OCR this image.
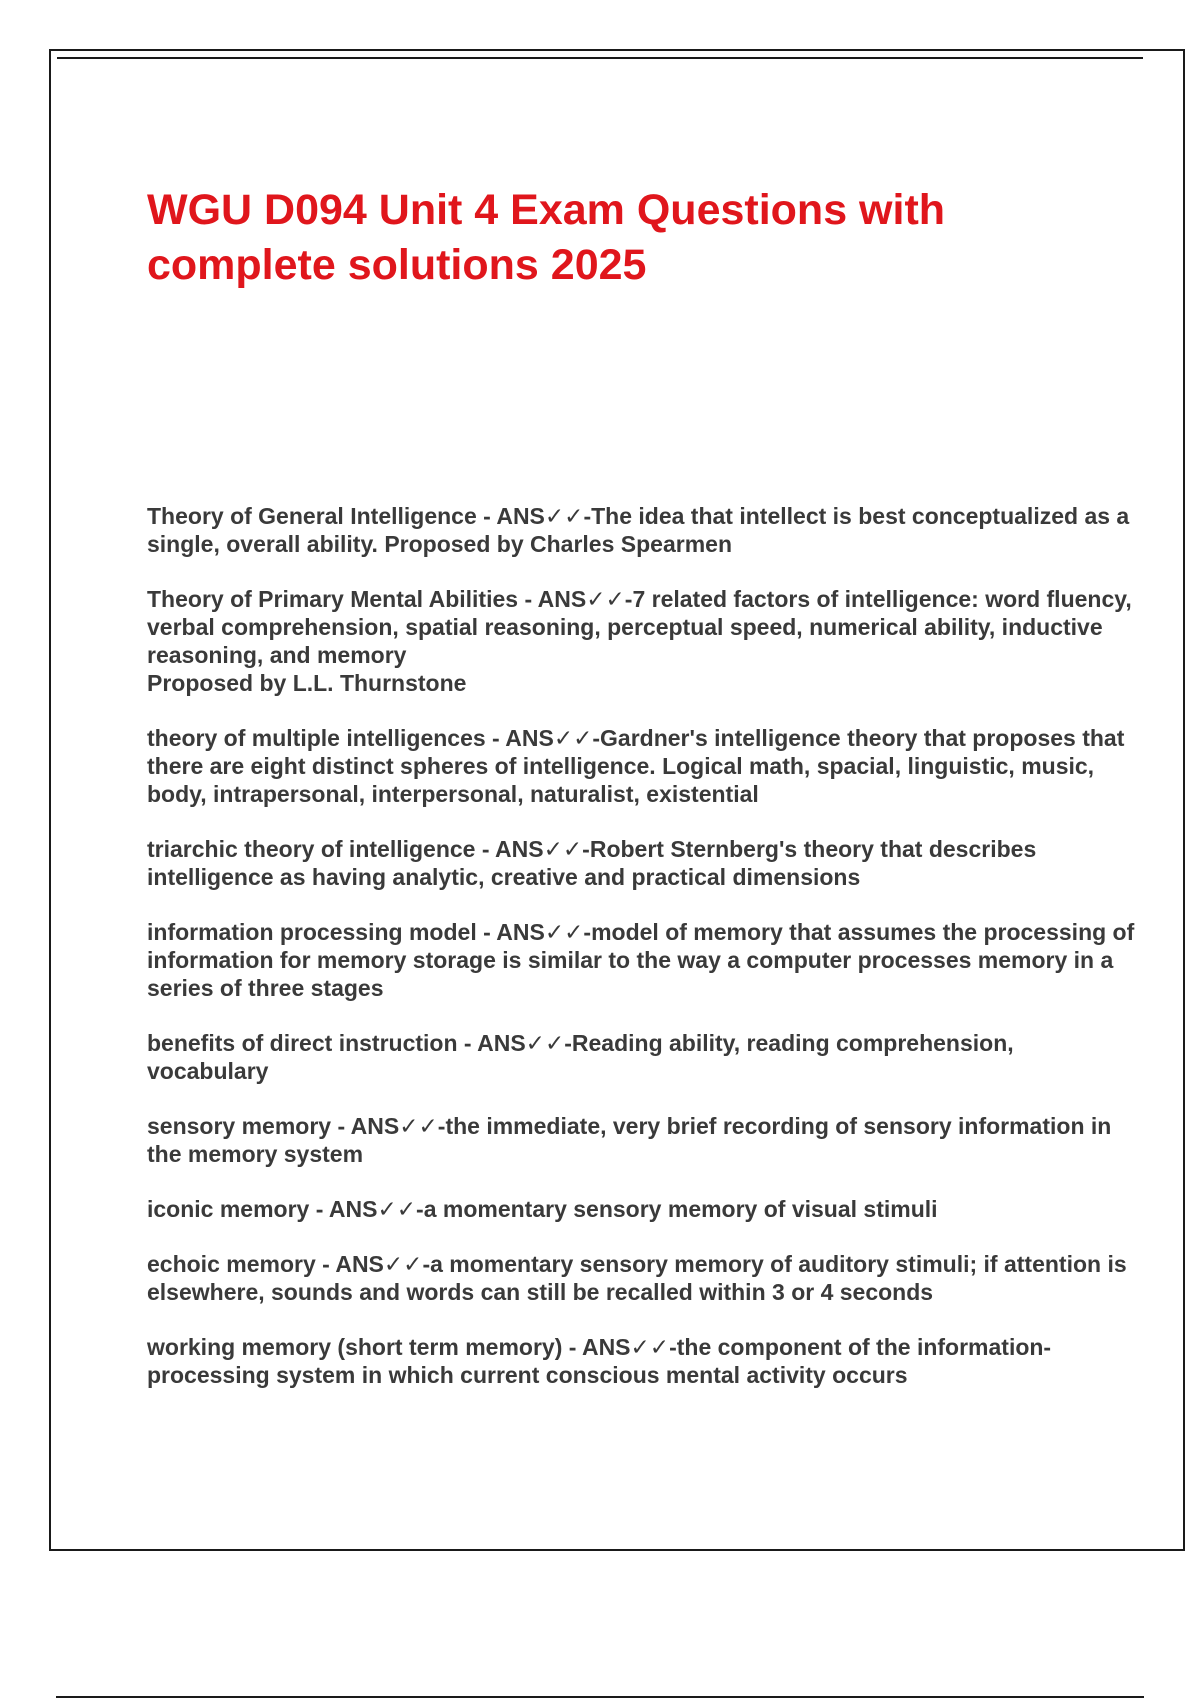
WGU D094 Unit 4 Exam Questions with complete solutions 2025

Theory of General Intelligence - ANS✓✓-The idea that intellect is best conceptualized as a single, overall ability. Proposed by Charles Spearmen

Theory of Primary Mental Abilities - ANS✓✓-7 related factors of intelligence: word fluency, verbal comprehension, spatial reasoning, perceptual speed, numerical ability, inductive reasoning, and memory
Proposed by L.L. Thurnstone

theory of multiple intelligences - ANS✓✓-Gardner's intelligence theory that proposes that there are eight distinct spheres of intelligence. Logical math, spacial, linguistic, music, body, intrapersonal, interpersonal, naturalist, existential

triarchic theory of intelligence - ANS✓✓-Robert Sternberg's theory that describes intelligence as having analytic, creative and practical dimensions

information processing model - ANS✓✓-model of memory that assumes the processing of information for memory storage is similar to the way a computer processes memory in a series of three stages

benefits of direct instruction - ANS✓✓-Reading ability, reading comprehension, vocabulary

sensory memory - ANS✓✓-the immediate, very brief recording of sensory information in the memory system

iconic memory - ANS✓✓-a momentary sensory memory of visual stimuli

echoic memory - ANS✓✓-a momentary sensory memory of auditory stimuli; if attention is elsewhere, sounds and words can still be recalled within 3 or 4 seconds

working memory (short term memory) - ANS✓✓-the component of the information-processing system in which current conscious mental activity occurs
